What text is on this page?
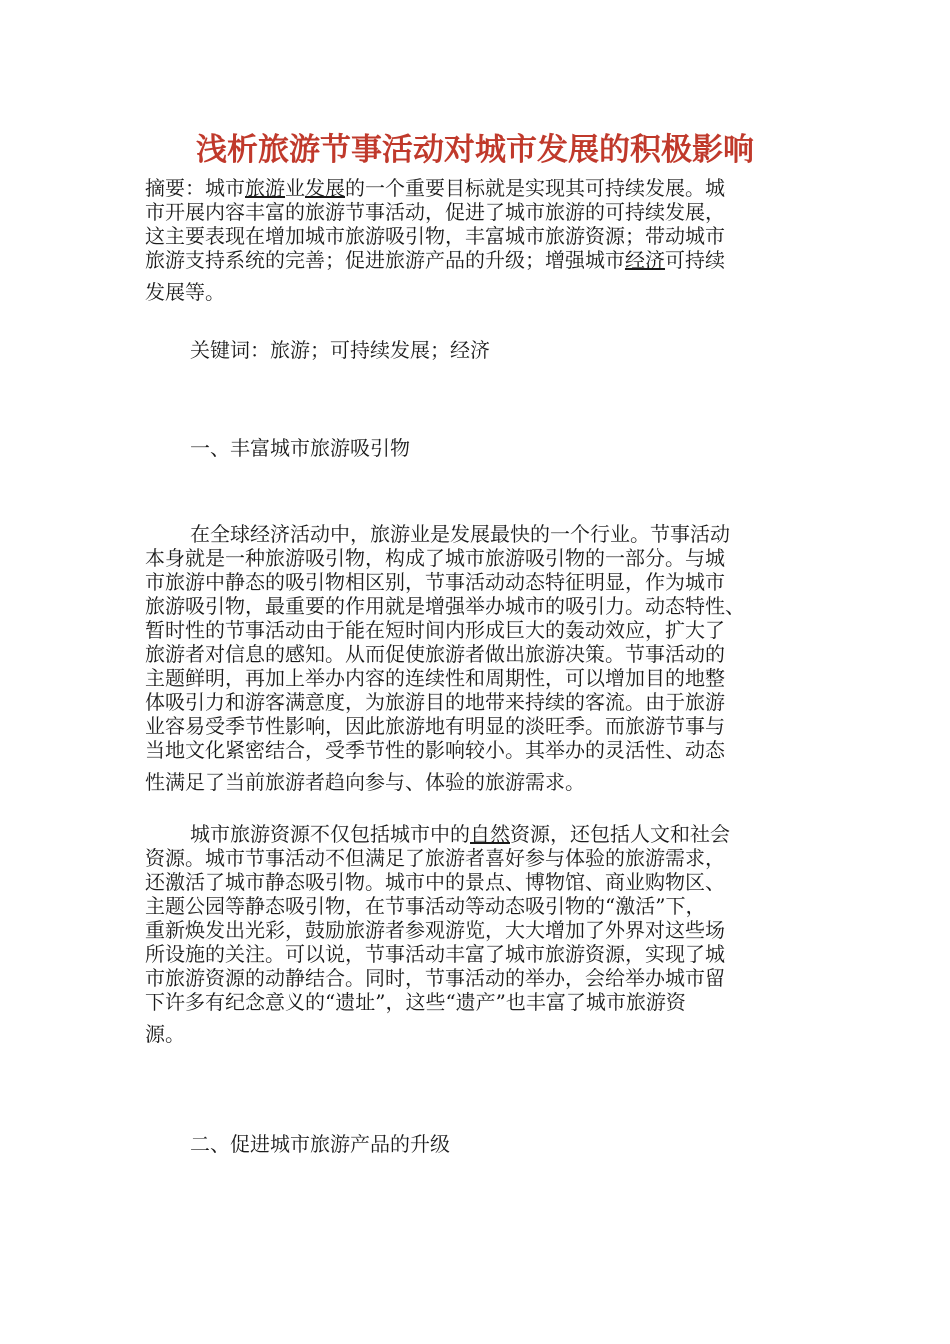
浅析旅游节事活动对城市发展的积极影响
摘要：城市旅游业发展的一个重要目标就是实现其可持续发展。城
市开展内容丰富的旅游节事活动，促进了城市旅游的可持续发展，
这主要表现在增加城市旅游吸引物，丰富城市旅游资源；带动城市
旅游支持系统的完善；促进旅游产品的升级；增强城市经济可持续
发展等。
关键词：旅游；可持续发展；经济
一、丰富城市旅游吸引物
在全球经济活动中，旅游业是发展最快的一个行业。节事活动
本身就是一种旅游吸引物，构成了城市旅游吸引物的一部分。与城
市旅游中静态的吸引物相区别，节事活动动态特征明显，作为城市
旅游吸引物，最重要的作用就是增强举办城市的吸引力。动态特性、
暂时性的节事活动由于能在短时间内形成巨大的轰动效应，扩大了
旅游者对信息的感知。从而促使旅游者做出旅游决策。节事活动的
主题鲜明，再加上举办内容的连续性和周期性，可以增加目的地整
体吸引力和游客满意度，为旅游目的地带来持续的客流。由于旅游
业容易受季节性影响，因此旅游地有明显的淡旺季。而旅游节事与
当地文化紧密结合，受季节性的影响较小。其举办的灵活性、动态
性满足了当前旅游者趋向参与、体验的旅游需求。
城市旅游资源不仅包括城市中的自然资源，还包括人文和社会
资源。城市节事活动不但满足了旅游者喜好参与体验的旅游需求，
还激活了城市静态吸引物。城市中的景点、博物馆、商业购物区、
主题公园等静态吸引物，在节事活动等动态吸引物的“激活”下，
重新焕发出光彩，鼓励旅游者参观游览，大大增加了外界对这些场
所设施的关注。可以说，节事活动丰富了城市旅游资源，实现了城
市旅游资源的动静结合。同时，节事活动的举办，会给举办城市留
下许多有纪念意义的“遗址”，这些“遗产”也丰富了城市旅游资
源。
二、促进城市旅游产品的升级
